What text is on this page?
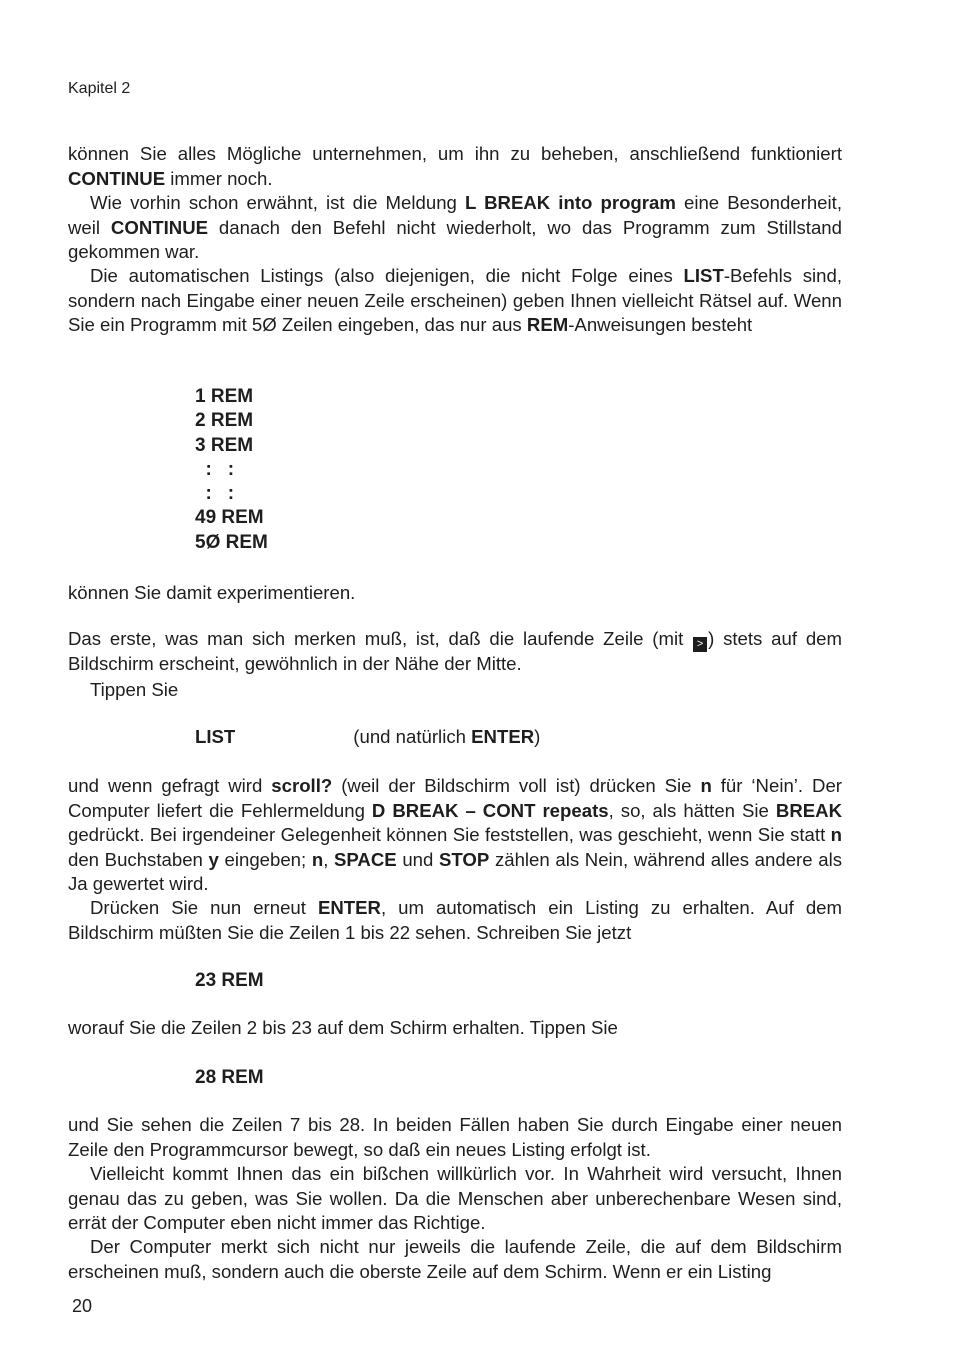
Kapitel 2
können Sie alles Mögliche unternehmen, um ihn zu beheben, anschließend funktioniert CONTINUE immer noch.
Wie vorhin schon erwähnt, ist die Meldung L BREAK into program eine Besonderheit, weil CONTINUE danach den Befehl nicht wiederholt, wo das Programm zum Stillstand gekommen war.
Die automatischen Listings (also diejenigen, die nicht Folge eines LIST-Befehls sind, sondern nach Eingabe einer neuen Zeile erscheinen) geben Ihnen vielleicht Rätsel auf. Wenn Sie ein Programm mit 5Ø Zeilen eingeben, das nur aus REM-Anweisungen besteht
1 REM
2 REM
3 REM
:   :
:   :
49 REM
5Ø REM
können Sie damit experimentieren.
Das erste, was man sich merken muß, ist, daß die laufende Zeile (mit > ) stets auf dem Bildschirm erscheint, gewöhnlich in der Nähe der Mitte.
Tippen Sie
LIST	(und natürlich ENTER)
und wenn gefragt wird scroll? (weil der Bildschirm voll ist) drücken Sie n für ‘Nein’. Der Computer liefert die Fehlermeldung D BREAK – CONT repeats, so, als hätten Sie BREAK gedrückt. Bei irgendeiner Gelegenheit können Sie feststellen, was geschieht, wenn Sie statt n den Buchstaben y eingeben; n, SPACE und STOP zählen als Nein, während alles andere als Ja gewertet wird.
Drücken Sie nun erneut ENTER, um automatisch ein Listing zu erhalten. Auf dem Bildschirm müßten Sie die Zeilen 1 bis 22 sehen. Schreiben Sie jetzt
23 REM
worauf Sie die Zeilen 2 bis 23 auf dem Schirm erhalten. Tippen Sie
28 REM
und Sie sehen die Zeilen 7 bis 28. In beiden Fällen haben Sie durch Eingabe einer neuen Zeile den Programmcursor bewegt, so daß ein neues Listing erfolgt ist.
Vielleicht kommt Ihnen das ein bißchen willkürlich vor. In Wahrheit wird versucht, Ihnen genau das zu geben, was Sie wollen. Da die Menschen aber unberechenbare Wesen sind, errät der Computer eben nicht immer das Richtige.
Der Computer merkt sich nicht nur jeweils die laufende Zeile, die auf dem Bildschirm erscheinen muß, sondern auch die oberste Zeile auf dem Schirm. Wenn er ein Listing
20
